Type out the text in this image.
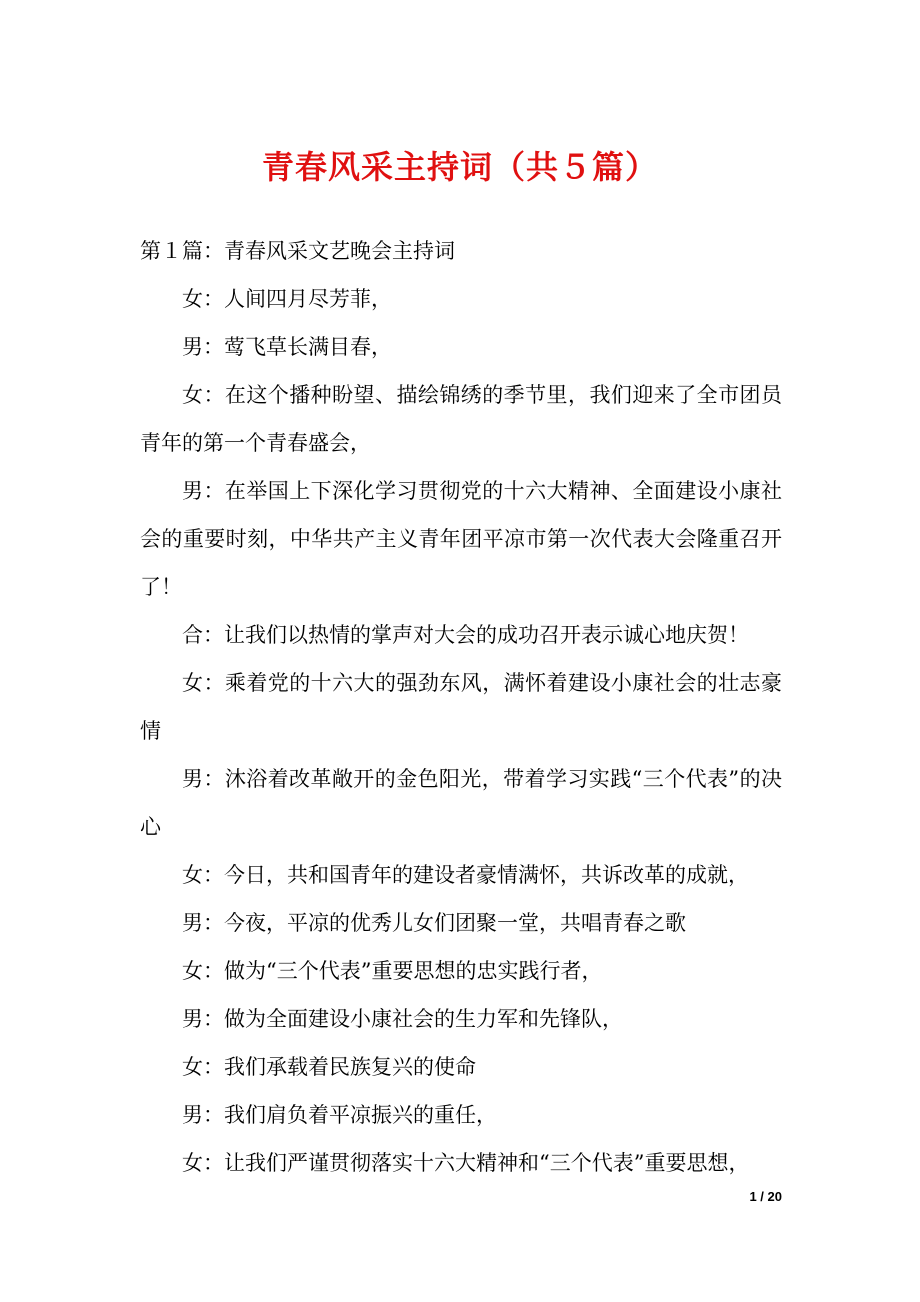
青春风采主持词（共５篇）

第１篇：青春风采文艺晚会主持词

女：人间四月尽芳菲，

男：莺飞草长满目春，

女：在这个播种盼望、描绘锦绣的季节里，我们迎来了全市团员青年的第一个青春盛会，

男：在举国上下深化学习贯彻党的十六大精神、全面建设小康社会的重要时刻，中华共产主义青年团平凉市第一次代表大会隆重召开了！

合：让我们以热情的掌声对大会的成功召开表示诚心地庆贺！

女：乘着党的十六大的强劲东风，满怀着建设小康社会的壮志豪情

男：沐浴着改革敞开的金色阳光，带着学习实践“三个代表”的决心

女：今日，共和国青年的建设者豪情满怀，共诉改革的成就，

男：今夜，平凉的优秀儿女们团聚一堂，共唱青春之歌

女：做为“三个代表”重要思想的忠实践行者，

男：做为全面建设小康社会的生力军和先锋队，

女：我们承载着民族复兴的使命

男：我们肩负着平凉振兴的重任，

女：让我们严谨贯彻落实十六大精神和“三个代表”重要思想，

1 / 20
